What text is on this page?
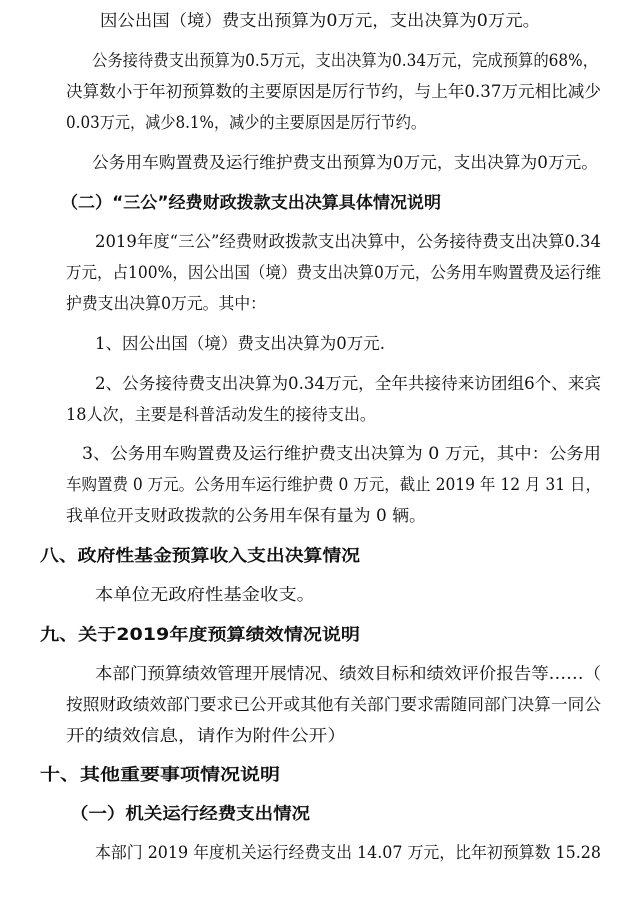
因公出国（境）费支出预算为0万元，支出决算为0万元。
公务接待费支出预算为0.5万元，支出决算为0.34万元，完成预算的68%，
决算数小于年初预算数的主要原因是厉行节约，与上年0.37万元相比减少
0.03万元，减少8.1%，减少的主要原因是厉行节约。
公务用车购置费及运行维护费支出预算为0万元，支出决算为0万元。
（二）“三公”经费财政拨款支出决算具体情况说明
2019年度“三公”经费财政拨款支出决算中，公务接待费支出决算0.34
万元，占100%，因公出国（境）费支出决算0万元，公务用车购置费及运行维
护费支出决算0万元。其中：
1、因公出国（境）费支出决算为0万元.
2、公务接待费支出决算为0.34万元，全年共接待来访团组6个、来宾
18人次，主要是科普活动发生的接待支出。
3、公务用车购置费及运行维护费支出决算为 0 万元，其中：公务用
车购置费 0 万元。公务用车运行维护费 0 万元，截止 2019 年 12 月 31 日，
我单位开支财政拨款的公务用车保有量为 0 辆。
八、政府性基金预算收入支出决算情况
本单位无政府性基金收支。
九、关于2019年度预算绩效情况说明
本部门预算绩效管理开展情况、绩效目标和绩效评价报告等……（
按照财政绩效部门要求已公开或其他有关部门要求需随同部门决算一同公
开的绩效信息，请作为附件公开）
十、其他重要事项情况说明
（一）机关运行经费支出情况
本部门 2019 年度机关运行经费支出 14.07 万元，比年初预算数 15.28
